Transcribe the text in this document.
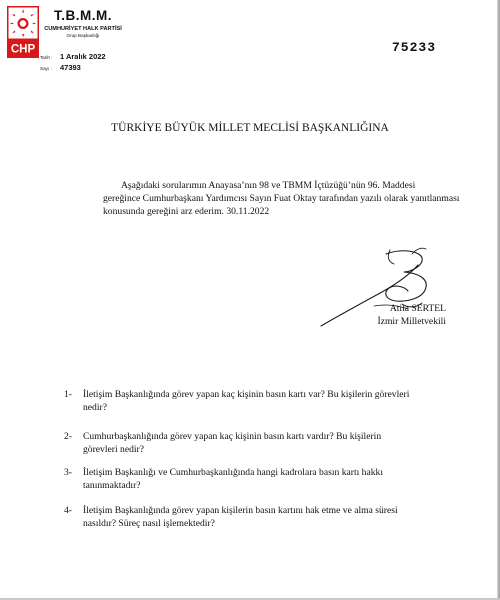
CHP
T.B.M.M.
CUMHURİYET HALK PARTİSİ
Grup Başkanlığı
Tarih : 1 Aralık 2022
Sayı : 47393
75233
TÜRKİYE BÜYÜK MİLLET MECLİSİ BAŞKANLIĞINA

Aşağıdaki sorularımın Anayasa’nın 98 ve TBMM İçtüzüğü’nün 96. Maddesi

gereğince Cumhurbaşkanı Yardımcısı Sayın Fuat Oktay tarafından yazılı olarak yanıtlanması

konusunda gereğini arz ederim. 30.11.2022

Atila SERTEL
İzmir Milletvekili
1-	İletişim Başkanlığında görev yapan kaç kişinin basın kartı var? Bu kişilerin görevleri
nedir?
2-	Cumhurbaşkanlığında görev yapan kaç kişinin basın kartı vardır? Bu kişilerin
görevleri nedir?
3-	İletişim Başkanlığı ve Cumhurbaşkanlığında hangi kadrolara basın kartı hakkı
tanınmaktadır?
4-	İletişim Başkanlığında görev yapan kişilerin basın kartını hak etme ve alma süresi
nasıldır? Süreç nasıl işlemektedir?
